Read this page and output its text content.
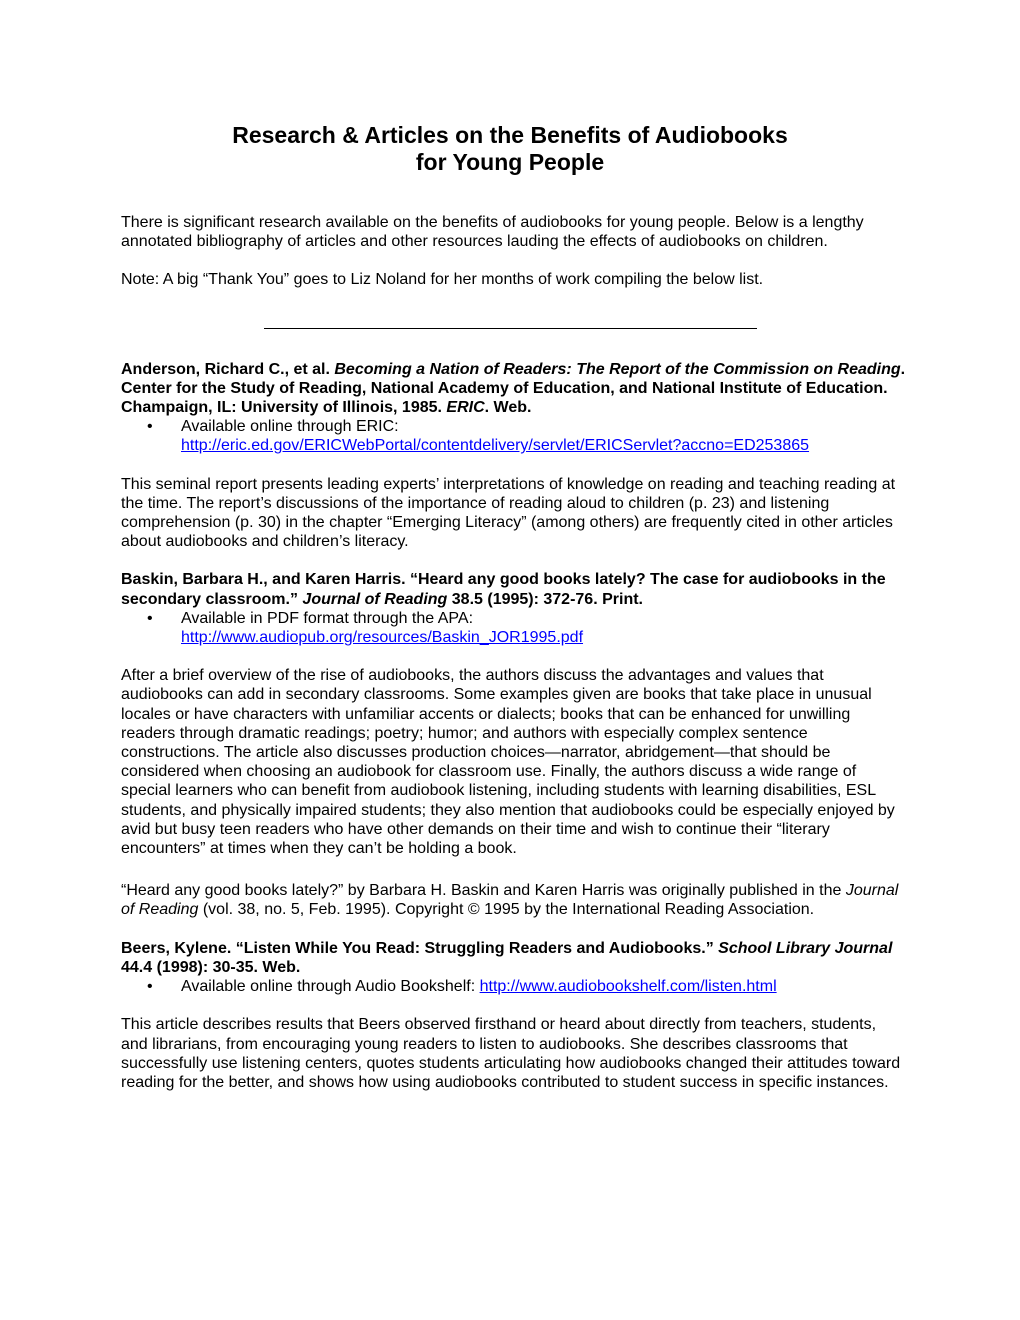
Research & Articles on the Benefits of Audiobooks
for Young People

There is significant research available on the benefits of audiobooks for young people. Below is a lengthy annotated bibliography of articles and other resources lauding the effects of audiobooks on children.

Note: A big “Thank You” goes to Liz Noland for her months of work compiling the below list.

Anderson, Richard C., et al. Becoming a Nation of Readers: The Report of the Commission on Reading. Center for the Study of Reading, National Academy of Education, and National Institute of Education. Champaign, IL: University of Illinois, 1985. ERIC. Web.

• Available online through ERIC:
http://eric.ed.gov/ERICWebPortal/contentdelivery/servlet/ERICServlet?accno=ED253865

This seminal report presents leading experts’ interpretations of knowledge on reading and teaching reading at the time. The report’s discussions of the importance of reading aloud to children (p. 23) and listening comprehension (p. 30) in the chapter “Emerging Literacy” (among others) are frequently cited in other articles about audiobooks and children’s literacy.

Baskin, Barbara H., and Karen Harris. “Heard any good books lately? The case for audiobooks in the secondary classroom.” Journal of Reading 38.5 (1995): 372-76. Print.

• Available in PDF format through the APA:
http://www.audiopub.org/resources/Baskin_JOR1995.pdf

After a brief overview of the rise of audiobooks, the authors discuss the advantages and values that audiobooks can add in secondary classrooms. Some examples given are books that take place in unusual locales or have characters with unfamiliar accents or dialects; books that can be enhanced for unwilling readers through dramatic readings; poetry; humor; and authors with especially complex sentence constructions. The article also discusses production choices—narrator, abridgement—that should be considered when choosing an audiobook for classroom use. Finally, the authors discuss a wide range of special learners who can benefit from audiobook listening, including students with learning disabilities, ESL students, and physically impaired students; they also mention that audiobooks could be especially enjoyed by avid but busy teen readers who have other demands on their time and wish to continue their “literary encounters” at times when they can’t be holding a book.

“Heard any good books lately?” by Barbara H. Baskin and Karen Harris was originally published in the Journal of Reading (vol. 38, no. 5, Feb. 1995). Copyright © 1995 by the International Reading Association.

Beers, Kylene. “Listen While You Read: Struggling Readers and Audiobooks.” School Library Journal 44.4 (1998): 30-35. Web.

• Available online through Audio Bookshelf: http://www.audiobookshelf.com/listen.html

This article describes results that Beers observed firsthand or heard about directly from teachers, students, and librarians, from encouraging young readers to listen to audiobooks. She describes classrooms that successfully use listening centers, quotes students articulating how audiobooks changed their attitudes toward reading for the better, and shows how using audiobooks contributed to student success in specific instances.
